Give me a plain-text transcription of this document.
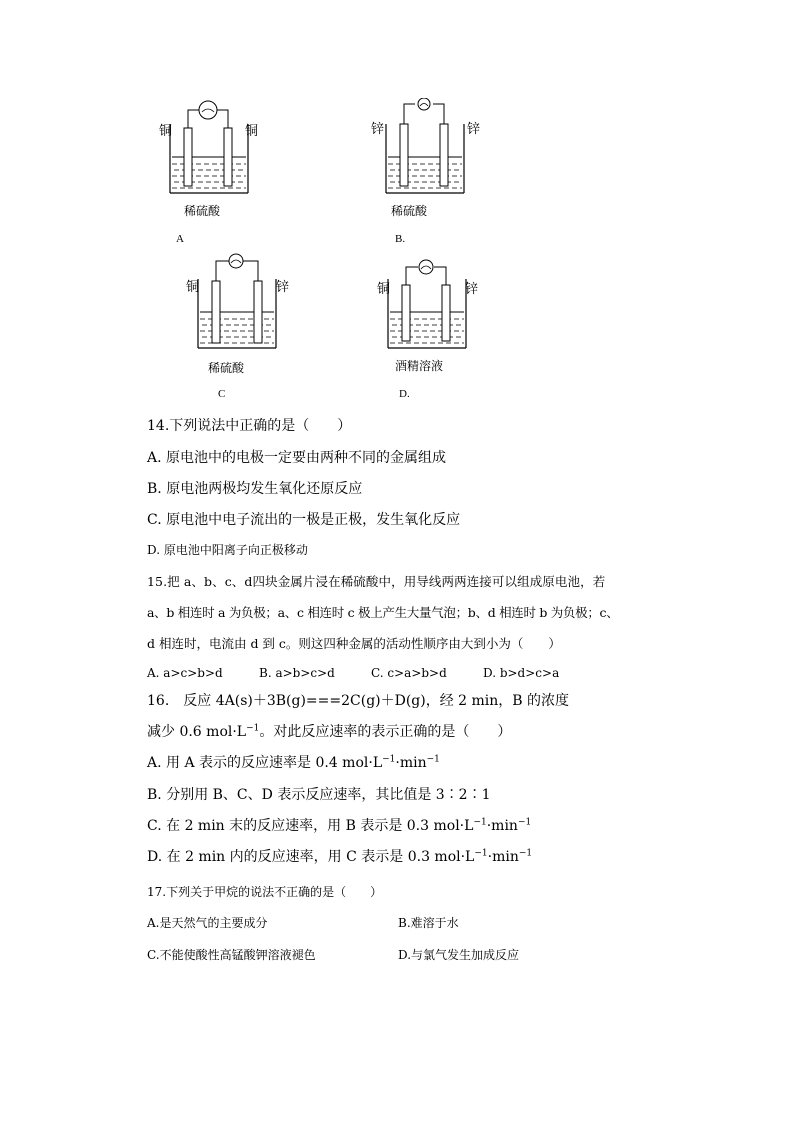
铜	铜
稀硫酸
A
锌	锌
稀硫酸
B.
铜	锌
稀硫酸
C
铜	锌
酒精溶液
D.
14.下列说法中正确的是（　　）
A. 原电池中的电极一定要由两种不同的金属组成
B. 原电池两极均发生氧化还原反应
C. 原电池中电子流出的一极是正极，发生氧化反应
D. 原电池中阳离子向正极移动
15.把 a、b、c、d四块金属片浸在稀硫酸中，用导线两两连接可以组成原电池，若
a、b 相连时 a 为负极；a、c 相连时 c 极上产生大量气泡；b、d 相连时 b 为负极；c、
d 相连时，电流由 d 到 c。则这四种金属的活动性顺序由大到小为（　　）
A. a>c>b>d	B. a>b>c>d	C. c>a>b>d	D. b>d>c>a
16.　反应 4A(s)＋3B(g)===2C(g)＋D(g)，经 2 min，B 的浓度
减少 0.6 $mol\cdot L^{-1}$。对此反应速率的表示正确的是（　　）
A. 用 A 表示的反应速率是 0.4 $mol\cdot L^{-1}\cdot\min^{-1}$
B. 分别用 B、C、D 表示反应速率，其比值是 3∶2∶1
C. 在 2 min 末的反应速率，用 B 表示是 0.3 $mol\cdot L^{-1}\cdot\min^{-1}$
D. 在 2 min 内的反应速率，用 C 表示是 0.3 $mol\cdot L^{-1}\cdot\min^{-1}$
17.下列关于甲烷的说法不正确的是（　　）
A.是天然气的主要成分	B.难溶于水
C.不能使酸性高锰酸钾溶液褪色	D.与氯气发生加成反应
